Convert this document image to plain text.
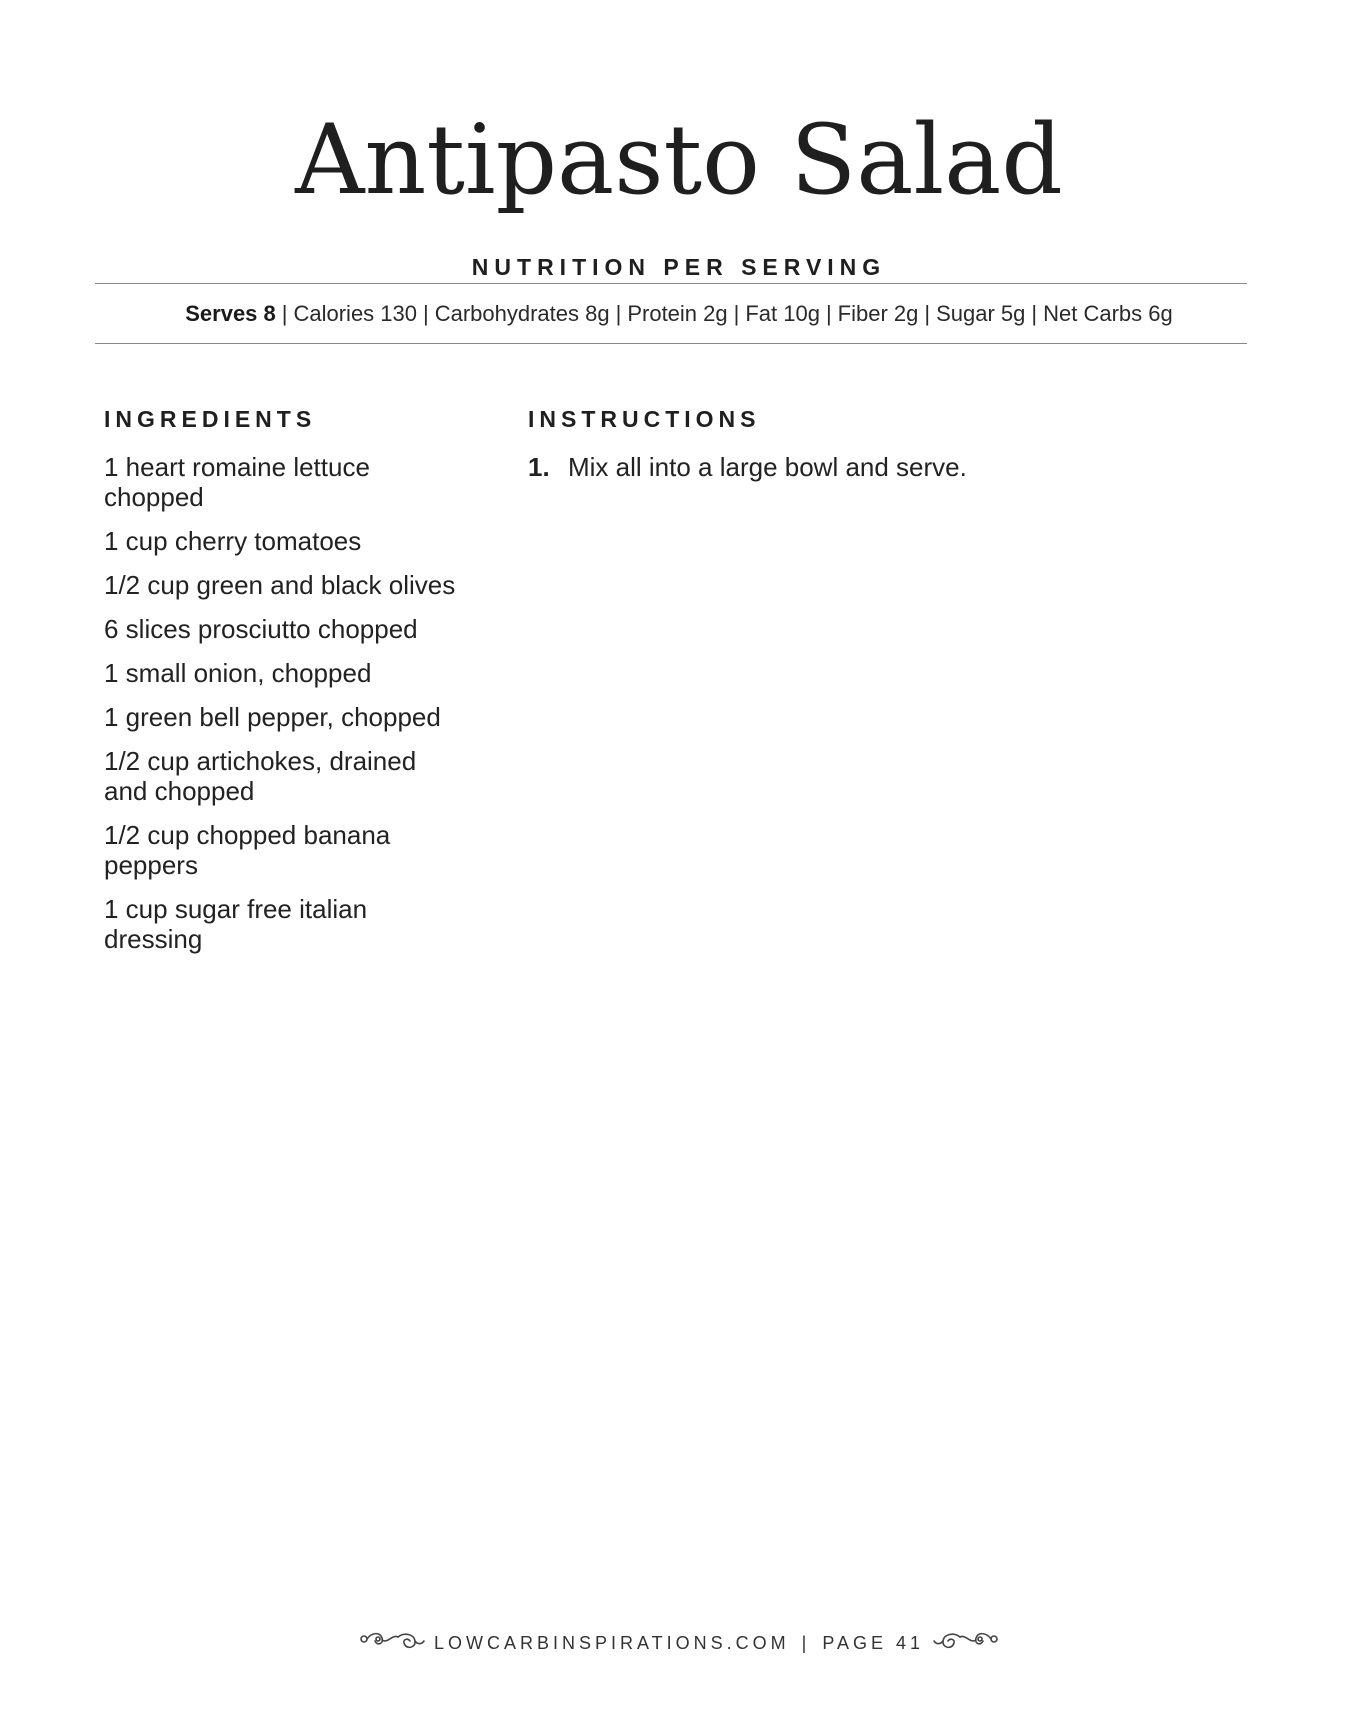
Antipasto Salad
NUTRITION PER SERVING
Serves 8 | Calories 130 | Carbohydrates 8g | Protein 2g | Fat 10g | Fiber 2g | Sugar 5g | Net Carbs 6g
INGREDIENTS
1 heart romaine lettuce chopped
1 cup cherry tomatoes
1/2 cup green and black olives
6 slices prosciutto chopped
1 small onion, chopped
1 green bell pepper, chopped
1/2 cup artichokes, drained and chopped
1/2 cup chopped banana peppers
1 cup sugar free italian dressing
INSTRUCTIONS
1. Mix all into a large bowl and serve.
LOWCARBINSPIRATIONS.COM | PAGE 41
